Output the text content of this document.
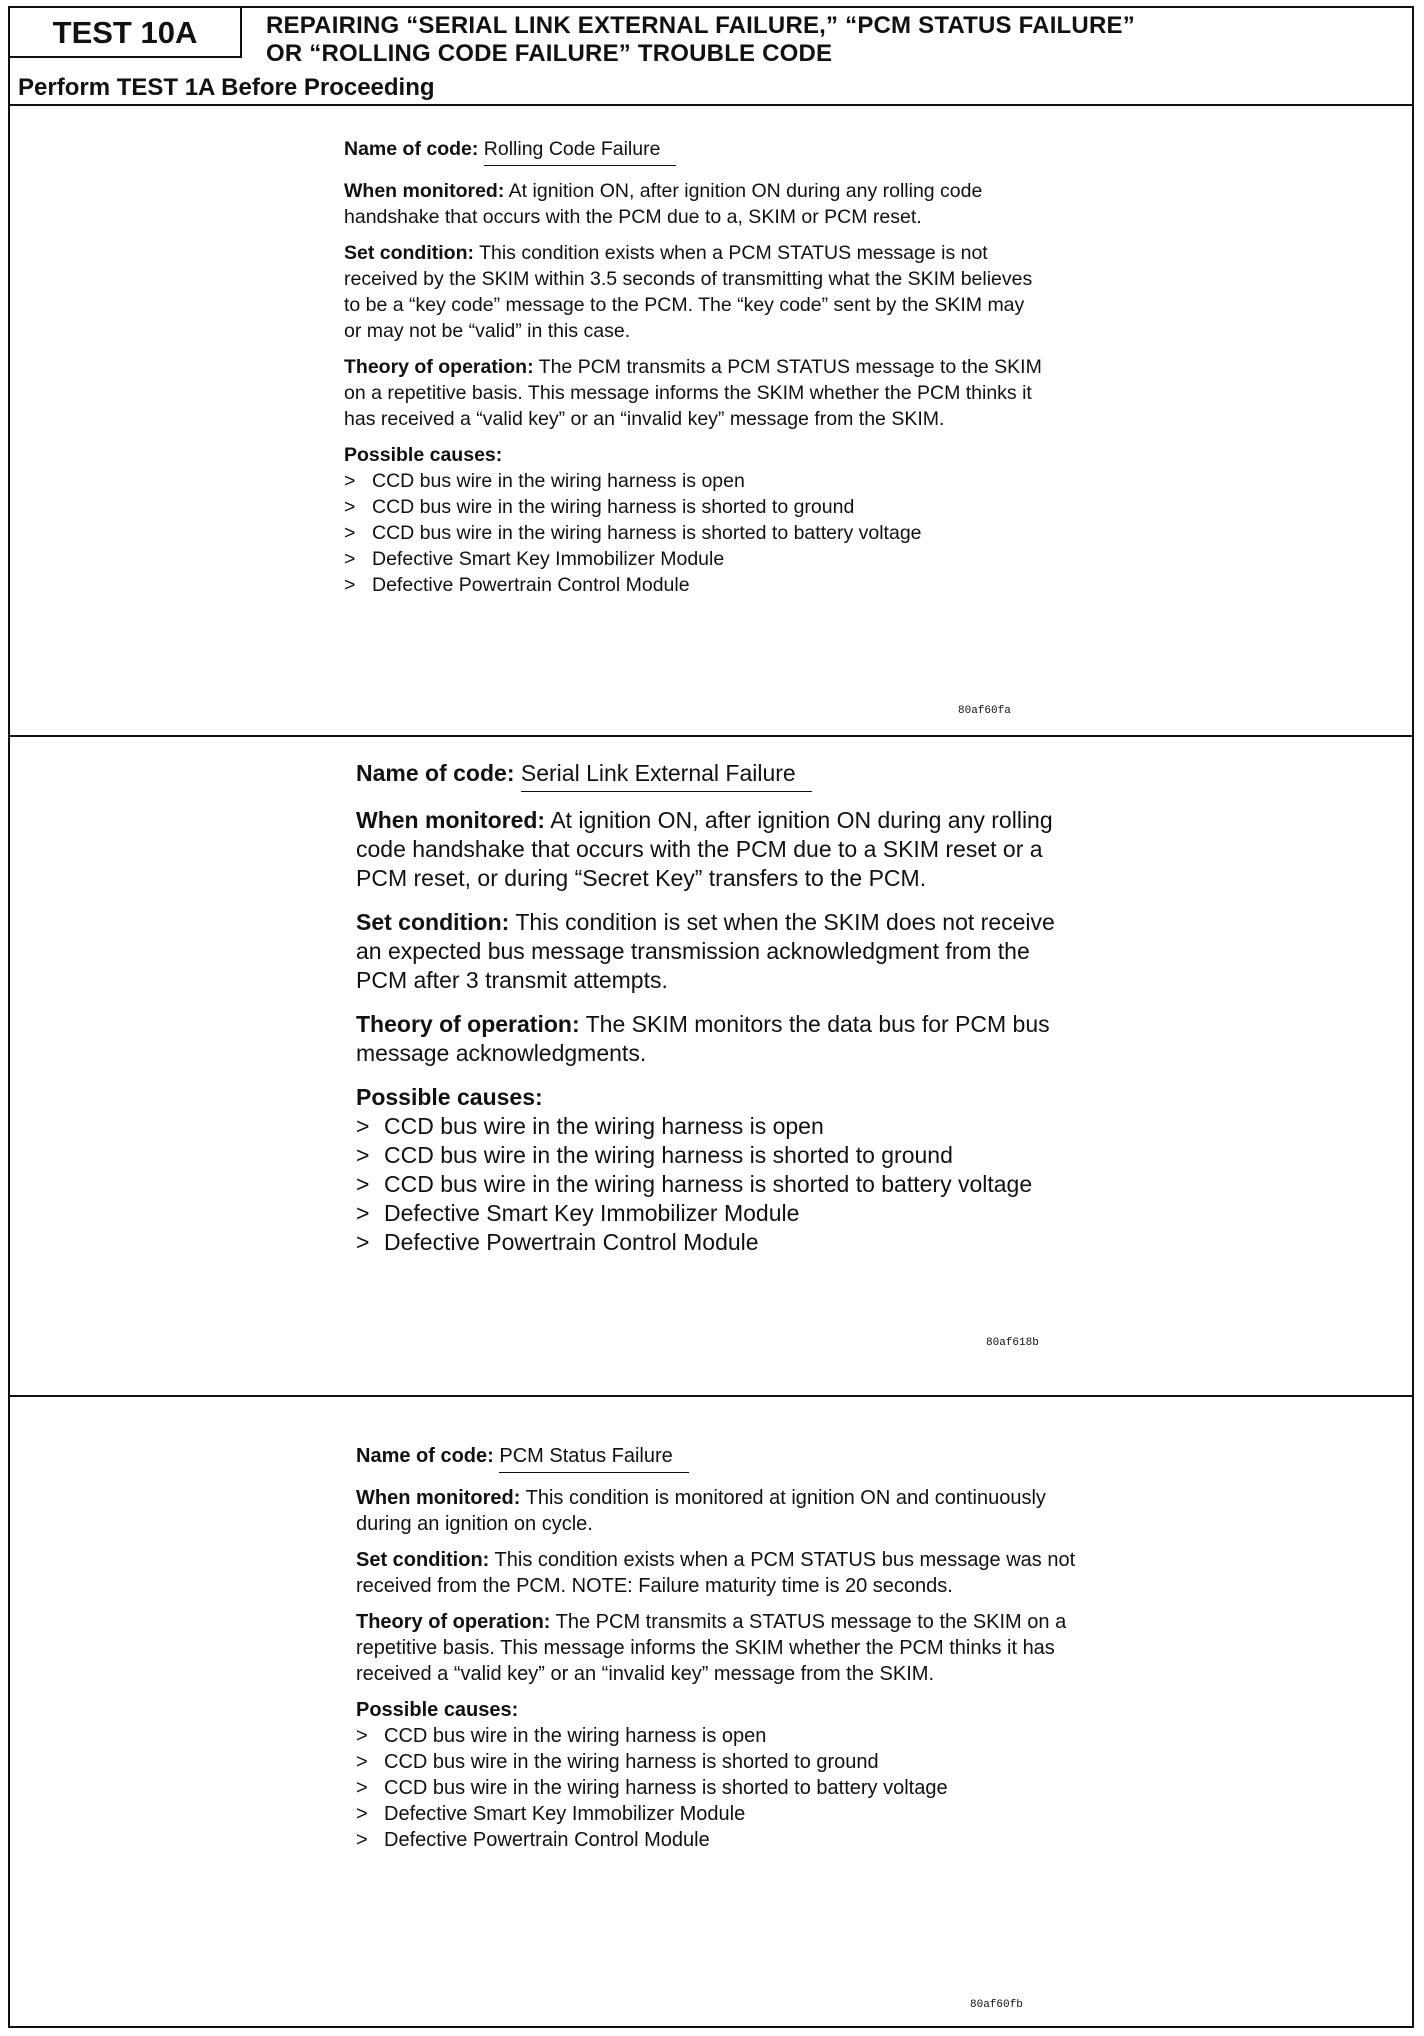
TEST 10A	REPAIRING “SERIAL LINK EXTERNAL FAILURE,” “PCM STATUS FAILURE”
OR “ROLLING CODE FAILURE” TROUBLE CODE
Perform TEST 1A Before Proceeding

Name of code: Rolling Code Failure

When monitored: At ignition ON, after ignition ON during any rolling code handshake that occurs with the PCM due to a, SKIM or PCM reset.

Set condition: This condition exists when a PCM STATUS message is not received by the SKIM within 3.5 seconds of transmitting what the SKIM believes to be a “key code” message to the PCM. The “key code” sent by the SKIM may or may not be “valid” in this case.

Theory of operation: The PCM transmits a PCM STATUS message to the SKIM on a repetitive basis. This message informs the SKIM whether the PCM thinks it has received a “valid key” or an “invalid key” message from the SKIM.

Possible causes:
> CCD bus wire in the wiring harness is open
> CCD bus wire in the wiring harness is shorted to ground
> CCD bus wire in the wiring harness is shorted to battery voltage
> Defective Smart Key Immobilizer Module
> Defective Powertrain Control Module
80af60fa

Name of code: Serial Link External Failure

When monitored: At ignition ON, after ignition ON during any rolling code handshake that occurs with the PCM due to a SKIM reset or a PCM reset, or during “Secret Key” transfers to the PCM.

Set condition: This condition is set when the SKIM does not receive an expected bus message transmission acknowledgment from the PCM after 3 transmit attempts.

Theory of operation: The SKIM monitors the data bus for PCM bus message acknowledgments.

Possible causes:
> CCD bus wire in the wiring harness is open
> CCD bus wire in the wiring harness is shorted to ground
> CCD bus wire in the wiring harness is shorted to battery voltage
> Defective Smart Key Immobilizer Module
> Defective Powertrain Control Module
80af618b

Name of code: PCM Status Failure

When monitored: This condition is monitored at ignition ON and continuously during an ignition on cycle.

Set condition: This condition exists when a PCM STATUS bus message was not received from the PCM. NOTE: Failure maturity time is 20 seconds.

Theory of operation: The PCM transmits a STATUS message to the SKIM on a repetitive basis. This message informs the SKIM whether the PCM thinks it has received a “valid key” or an “invalid key” message from the SKIM.

Possible causes:
> CCD bus wire in the wiring harness is open
> CCD bus wire in the wiring harness is shorted to ground
> CCD bus wire in the wiring harness is shorted to battery voltage
> Defective Smart Key Immobilizer Module
> Defective Powertrain Control Module
80af60fb
